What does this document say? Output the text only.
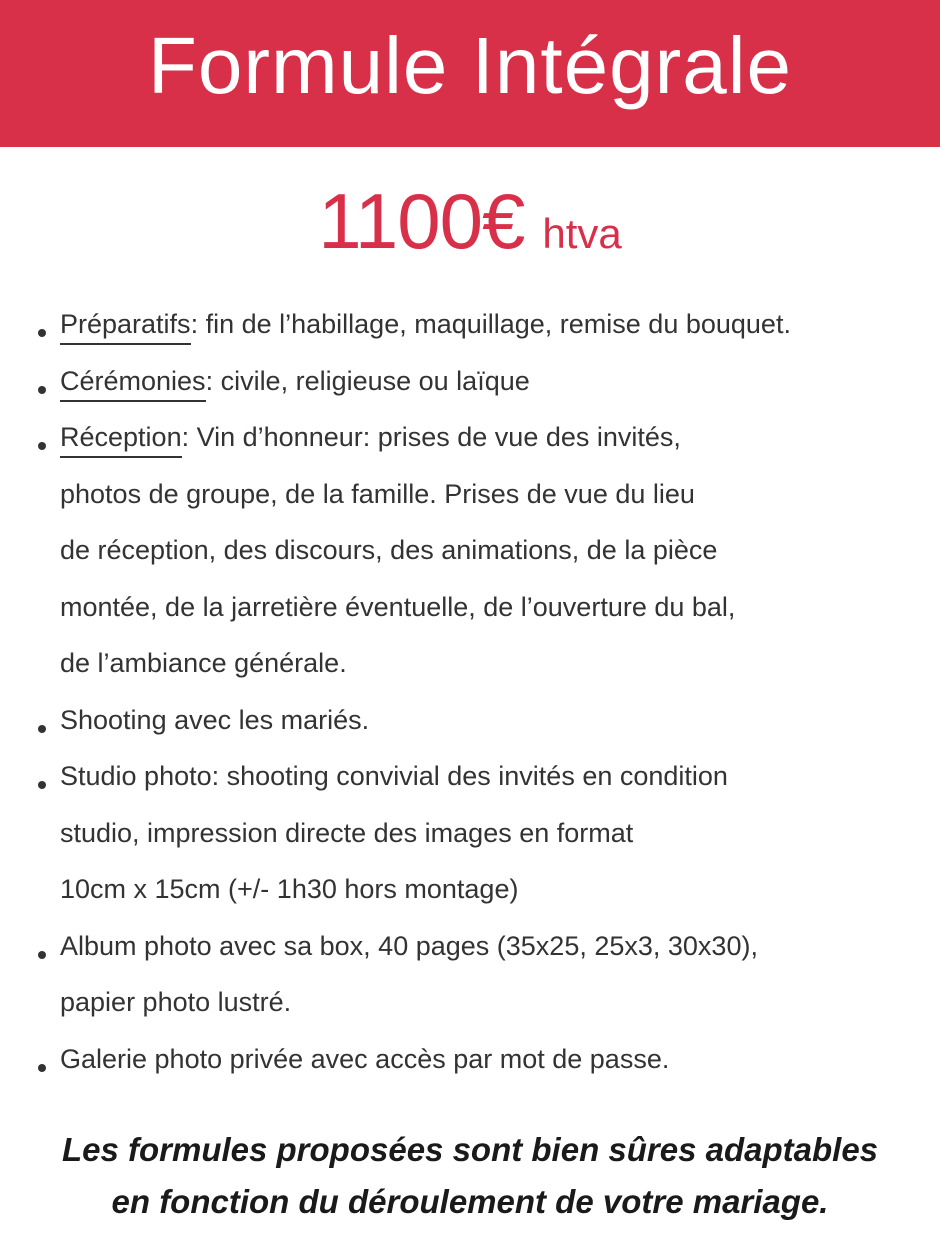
Formule Intégrale
1100€ htva
Préparatifs: fin de l’habillage, maquillage, remise du bouquet.
Cérémonies: civile, religieuse ou laïque
Réception: Vin d’honneur: prises de vue des invités,
photos de groupe, de la famille. Prises de vue du lieu
de réception, des discours, des animations, de la pièce
montée, de la jarretière éventuelle, de l’ouverture du bal,
de l’ambiance générale.
Shooting avec les mariés.
Studio photo: shooting convivial des invités en condition
studio, impression directe des images en format
10cm x 15cm (+/- 1h30 hors montage)
Album photo avec sa box, 40 pages (35x25, 25x3, 30x30),
papier photo lustré.
Galerie photo privée avec accès par mot de passe.
Les formules proposées sont bien sûres adaptables
en fonction du déroulement de votre mariage.
